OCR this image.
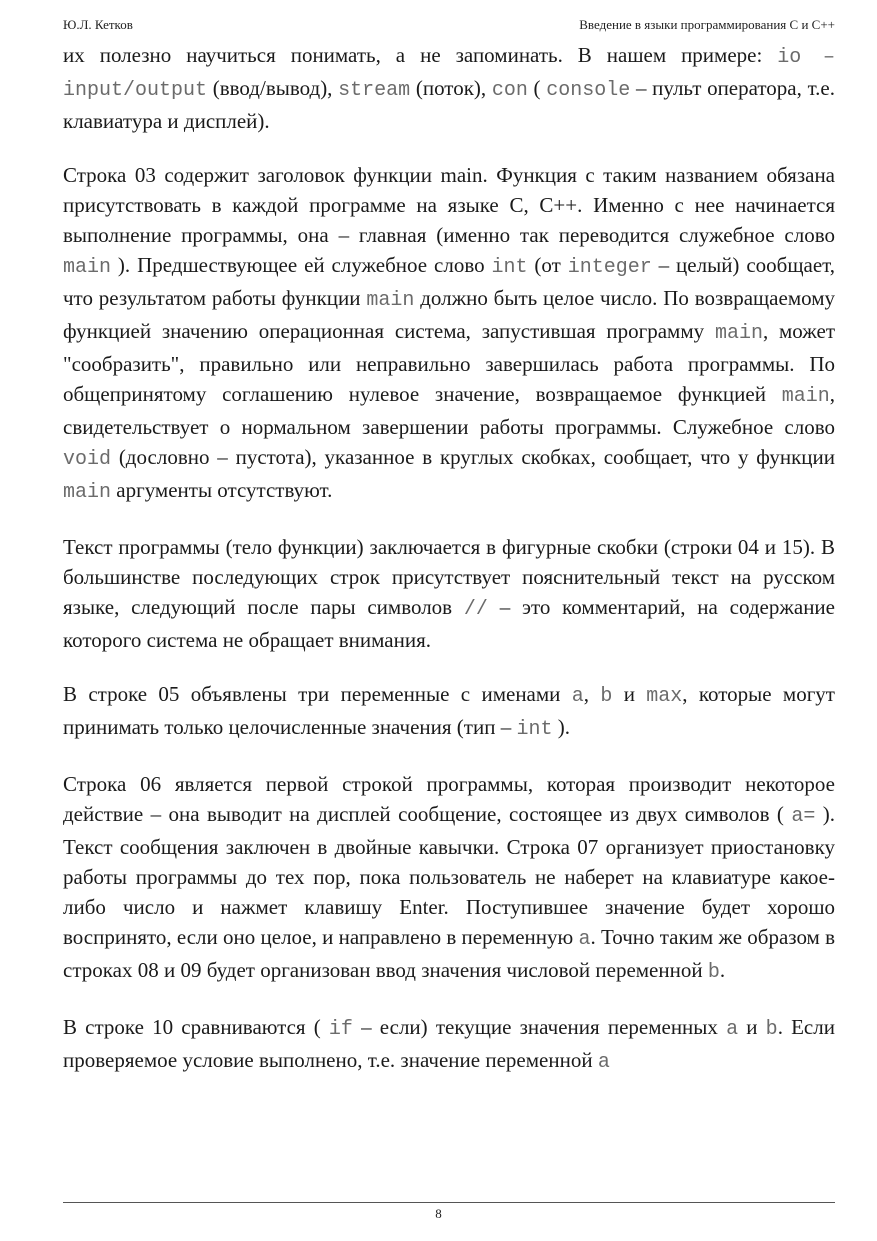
Ю.Л. Кетков	Введение в языки программирования С и С++

их полезно научиться понимать, а не запоминать. В нашем примере: io – input/output (ввод/вывод), stream (поток), con ( console – пульт оператора, т.е. клавиатура и дисплей).

Строка 03 содержит заголовок функции main. Функция с таким названием обязана присутствовать в каждой программе на языке С, С++. Именно с нее начинается выполнение программы, она – главная (именно так переводится служебное слово main ). Предшествующее ей служебное слово int (от integer – целый) сообщает, что результатом работы функции main должно быть целое число. По возвращаемому функцией значению операционная система, запустившая программу main, может "сообразить", правильно или неправильно завершилась работа программы. По общепринятому соглашению нулевое значение, возвращаемое функцией main, свидетельствует о нормальном завершении работы программы. Служебное слово void (дословно – пустота), указанное в круглых скобках, сообщает, что у функции main аргументы отсутствуют.

Текст программы (тело функции) заключается в фигурные скобки (строки 04 и 15). В большинстве последующих строк присутствует пояснительный текст на русском языке, следующий после пары символов // – это комментарий, на содержание которого система не обращает внимания.

В строке 05 объявлены три переменные с именами a, b и max, которые могут принимать только целочисленные значения (тип – int ).

Строка 06 является первой строкой программы, которая производит некоторое действие – она выводит на дисплей сообщение, состоящее из двух символов ( a= ). Текст сообщения заключен в двойные кавычки. Строка 07 организует приостановку работы программы до тех пор, пока пользователь не наберет на клавиатуре какое-либо число и нажмет клавишу Enter. Поступившее значение будет хорошо воспринято, если оно целое, и направлено в переменную a. Точно таким же образом в строках 08 и 09 будет организован ввод значения числовой переменной b.

В строке 10 сравниваются ( if – если) текущие значения переменных a и b. Если проверяемое условие выполнено, т.е. значение переменной a

8
